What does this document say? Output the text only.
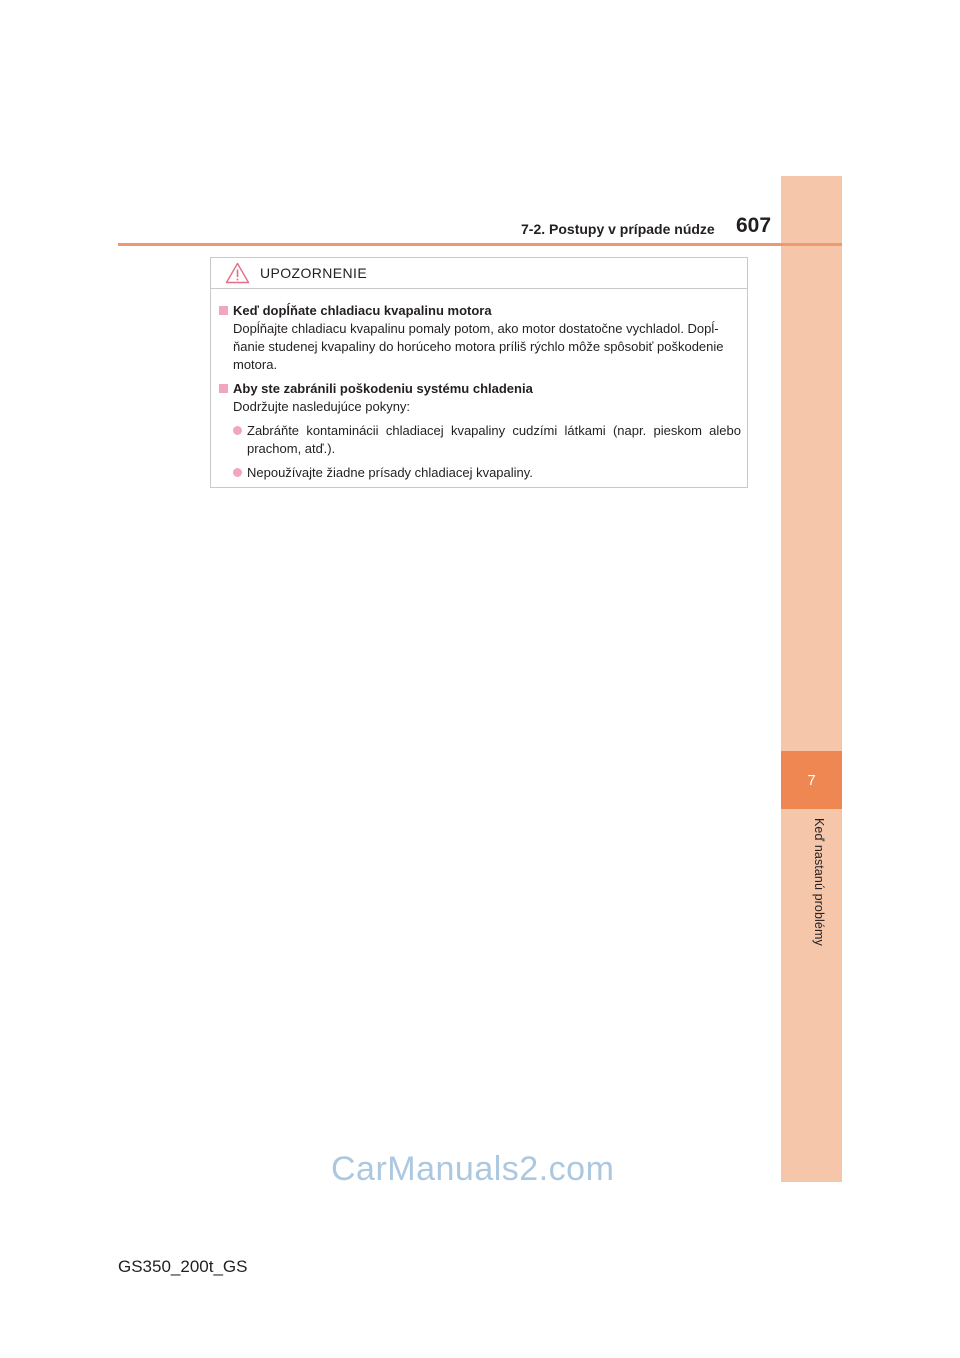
7
Keď nastanú problémy
7-2. Postupy v prípade núdze 607
UPOZORNENIE
Keď dopĺňate chladiacu kvapalinu motora
Dopĺňajte chladiacu kvapalinu pomaly potom, ako motor dostatočne vychladol. Dopĺ-ňanie studenej kvapaliny do horúceho motora príliš rýchlo môže spôsobiť poškodenie motora.
Aby ste zabránili poškodeniu systému chladenia
Dodržujte nasledujúce pokyny:
Zabráňte kontaminácii chladiacej kvapaliny cudzími látkami (napr. pieskom alebo prachom, atď.).
Nepoužívajte žiadne prísady chladiacej kvapaliny.
CarManuals2.com
GS350_200t_GS
